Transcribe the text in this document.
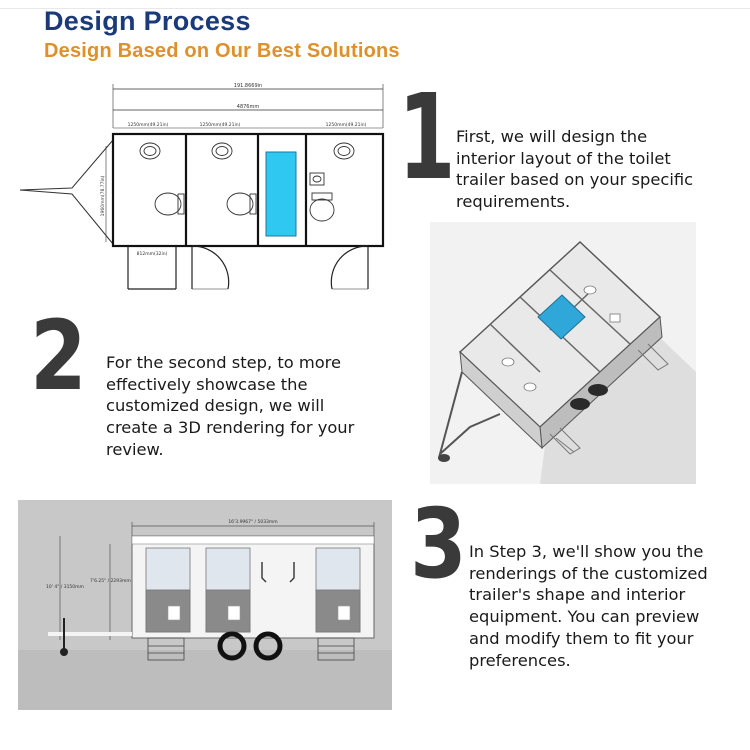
Design Process
Design Based on Our Best Solutions
191.8669in
4876mm
1250mm(49.21in)	1250mm(49.21in)	1250mm(49.21in)
1960mm(78.77in)
812mm(32in)
1 First, we will design the
interior layout of the toilet
trailer based on your specific
requirements.
2 For the second step, to more
effectively showcase the
customized design, we will
create a 3D rendering for your
review.
16'3.9967" / 5033mm
10' 4" / 3150mm
7'6.25" / 2293mm	3 In Step 3, we'll show you the
renderings of the customized
trailer's shape and interior
equipment. You can preview
and modify them to fit your
preferences.
